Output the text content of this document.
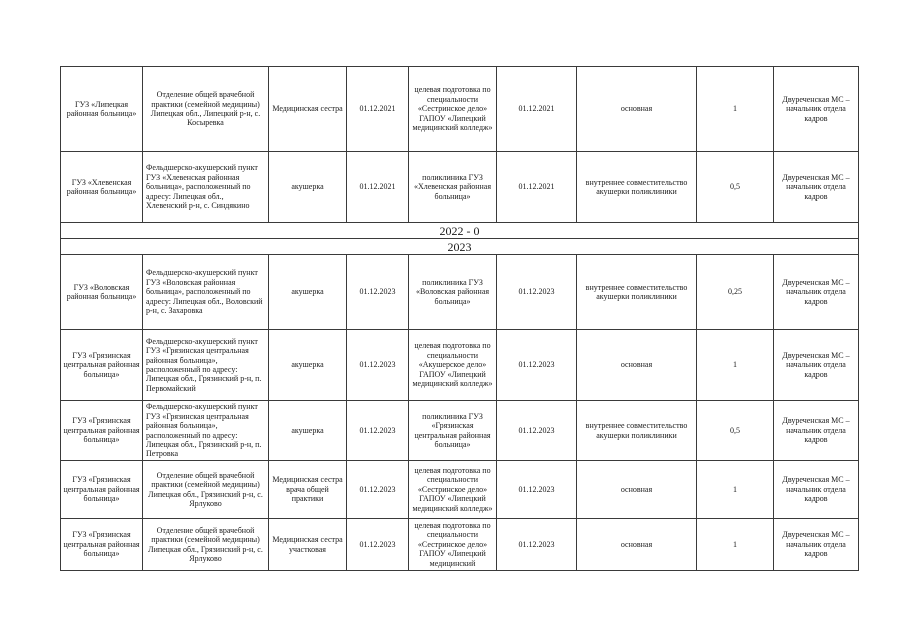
ГУЗ «Липецкая районная больница»	Отделение общей врачебной практики (семейной медицины) Липецкая обл., Липецкий р-н, с. Косыревка	Медицинская сестра	01.12.2021	целевая подготовка по специальности «Сестринское дело» ГАПОУ «Липецкий медицинский колледж»	01.12.2021	основная	1	Двуреченская МС – начальник отдела кадров
ГУЗ «Хлевенская районная больница»	Фельдшерско-акушерский пункт ГУЗ «Хлевенская районная больница», расположенный по адресу: Липецкая обл., Хлевенский р-н, с. Синдякино	акушерка	01.12.2021	поликлиника ГУЗ «Хлевенская районная больница»	01.12.2021	внутреннее совместительство акушерки поликлиники	0,5	Двуреченская МС – начальник отдела кадров
2022 - 0								
2023								
ГУЗ «Воловская районная больница»	Фельдшерско-акушерский пункт ГУЗ «Воловская районная больница», расположенный по адресу: Липецкая обл., Воловский р-н, с. Захаровка	акушерка	01.12.2023	поликлиника ГУЗ «Воловская районная больница»	01.12.2023	внутреннее совместительство акушерки поликлиники	0,25	Двуреченская МС – начальник отдела кадров
ГУЗ «Грязинская центральная районная больница»	Фельдшерско-акушерский пункт ГУЗ «Грязинская центральная районная больница», расположенный по адресу: Липецкая обл., Грязинский р-н, п. Первомайский	акушерка	01.12.2023	целевая подготовка по специальности «Акушерское дело» ГАПОУ «Липецкий медицинский колледж»	01.12.2023	основная	1	Двуреченская МС – начальник отдела кадров
ГУЗ «Грязинская центральная районная больница»	Фельдшерско-акушерский пункт ГУЗ «Грязинская центральная районная больница», расположенный по адресу: Липецкая обл., Грязинский р-н, п. Петровка	акушерка	01.12.2023	поликлиника ГУЗ «Грязинская центральная районная больница»	01.12.2023	внутреннее совместительство акушерки поликлиники	0,5	Двуреченская МС – начальник отдела кадров
ГУЗ «Грязинская центральная районная больница»	Отделение общей врачебной практики (семейной медицины) Липецкая обл., Грязинский р-н, с. Ярлуково	Медицинская сестра врача общей практики	01.12.2023	целевая подготовка по специальности «Сестринское дело» ГАПОУ «Липецкий медицинский колледж»	01.12.2023	основная	1	Двуреченская МС – начальник отдела кадров
ГУЗ «Грязинская центральная районная больница»	Отделение общей врачебной практики (семейной медицины) Липецкая обл., Грязинский р-н, с. Ярлуково	Медицинская сестра участковая	01.12.2023	целевая подготовка по специальности «Сестринское дело» ГАПОУ «Липецкий медицинский	01.12.2023	основная	1	Двуреченская МС – начальник отдела кадров
